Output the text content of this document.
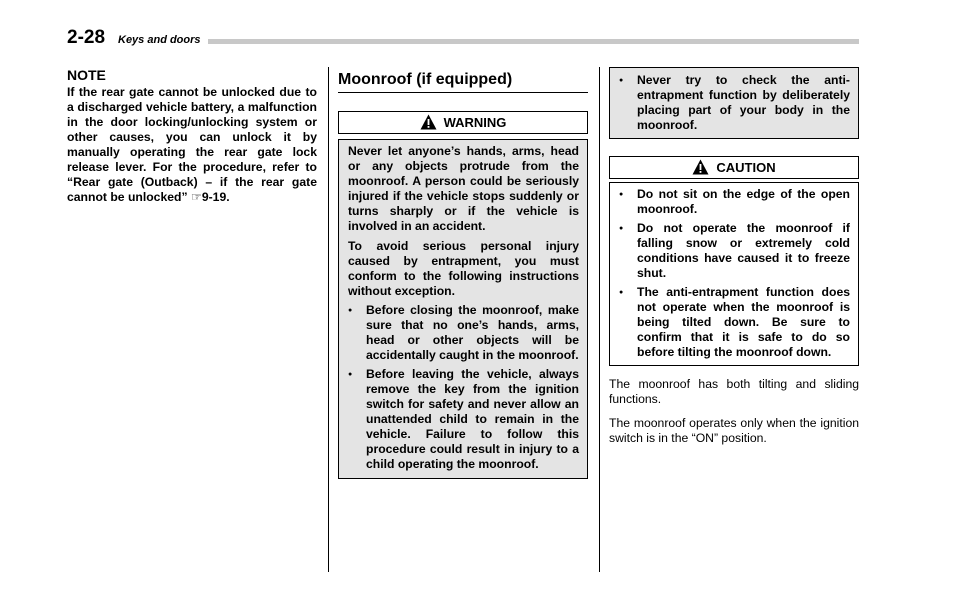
2-28 Keys and doors
NOTE

If the rear gate cannot be unlocked due to a discharged vehicle battery, a malfunction in the door locking/unlocking system or other causes, you can unlock it by manually operating the rear gate lock release lever. For the procedure, refer to “Rear gate (Outback) – if the rear gate cannot be unlocked” ☞9-19.

Moonroof (if equipped)
WARNING

Never let anyone’s hands, arms, head or any objects protrude from the moonroof. A person could be seriously injured if the vehicle stops suddenly or turns sharply or if the vehicle is involved in an accident.

To avoid serious personal injury caused by entrapment, you must conform to the following instructions without exception.

● Before closing the moonroof, make sure that no one’s hands, arms, head or other objects will be accidentally caught in the moonroof.
● Before leaving the vehicle, always remove the key from the ignition switch for safety and never allow an unattended child to remain in the vehicle. Failure to follow this procedure could result in injury to a child operating the moonroof.
● Never try to check the anti-entrapment function by deliberately placing part of your body in the moonroof.
CAUTION
● Do not sit on the edge of the open moonroof.
● Do not operate the moonroof if falling snow or extremely cold conditions have caused it to freeze shut.
● The anti-entrapment function does not operate when the moonroof is being tilted down. Be sure to confirm that it is safe to do so before tilting the moonroof down.

The moonroof has both tilting and sliding functions.

The moonroof operates only when the ignition switch is in the “ON” position.
